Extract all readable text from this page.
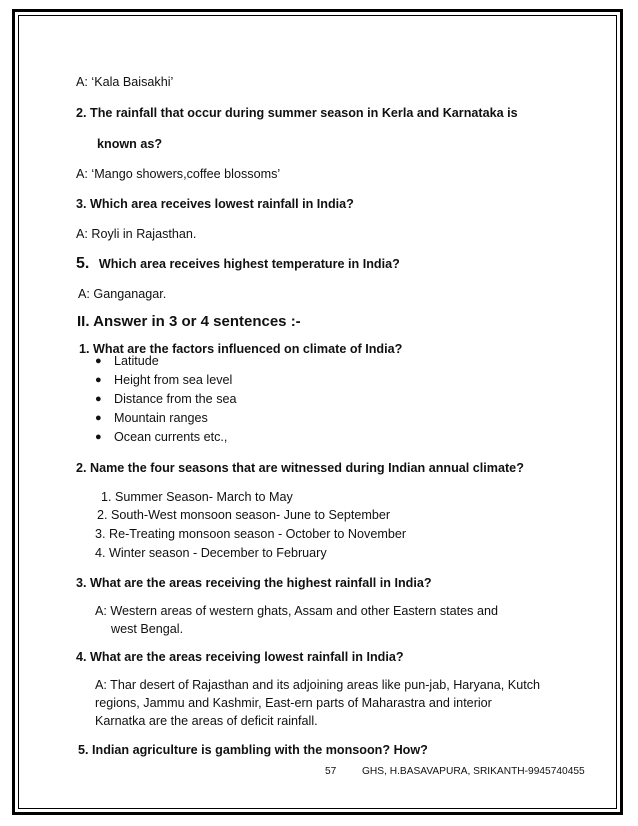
A: ‘Kala Baisakhi’
2. The rainfall that occur during summer season in Kerla and Karnataka is
known as?
A: ‘Mango showers,coffee blossoms’
3. Which area receives lowest rainfall in India?
A: Royli in Rajasthan.
5. Which area receives highest temperature in India?
A: Ganganagar.
II. Answer in 3 or 4 sentences :-
1. What are the factors influenced on climate of India?
● Latitude
● Height from sea level
● Distance from the sea
● Mountain ranges
● Ocean currents etc.,
2. Name the four seasons that are witnessed during Indian annual climate?
1. Summer Season- March to May
2. South-West monsoon season- June to September
3. Re-Treating monsoon season - October to November
4. Winter season - December to February
3. What are the areas receiving the highest rainfall in India?
A: Western areas of western ghats, Assam and other Eastern states and
west Bengal.
4. What are the areas receiving lowest rainfall in India?
A: Thar desert of Rajasthan and its adjoining areas like pun-jab, Haryana, Kutch
regions, Jammu and Kashmir, East-ern parts of Maharastra and interior
Karnatka are the areas of deficit rainfall.
5. Indian agriculture is gambling with the monsoon? How?
57	GHS, H.BASAVAPURA, SRIKANTH-9945740455
